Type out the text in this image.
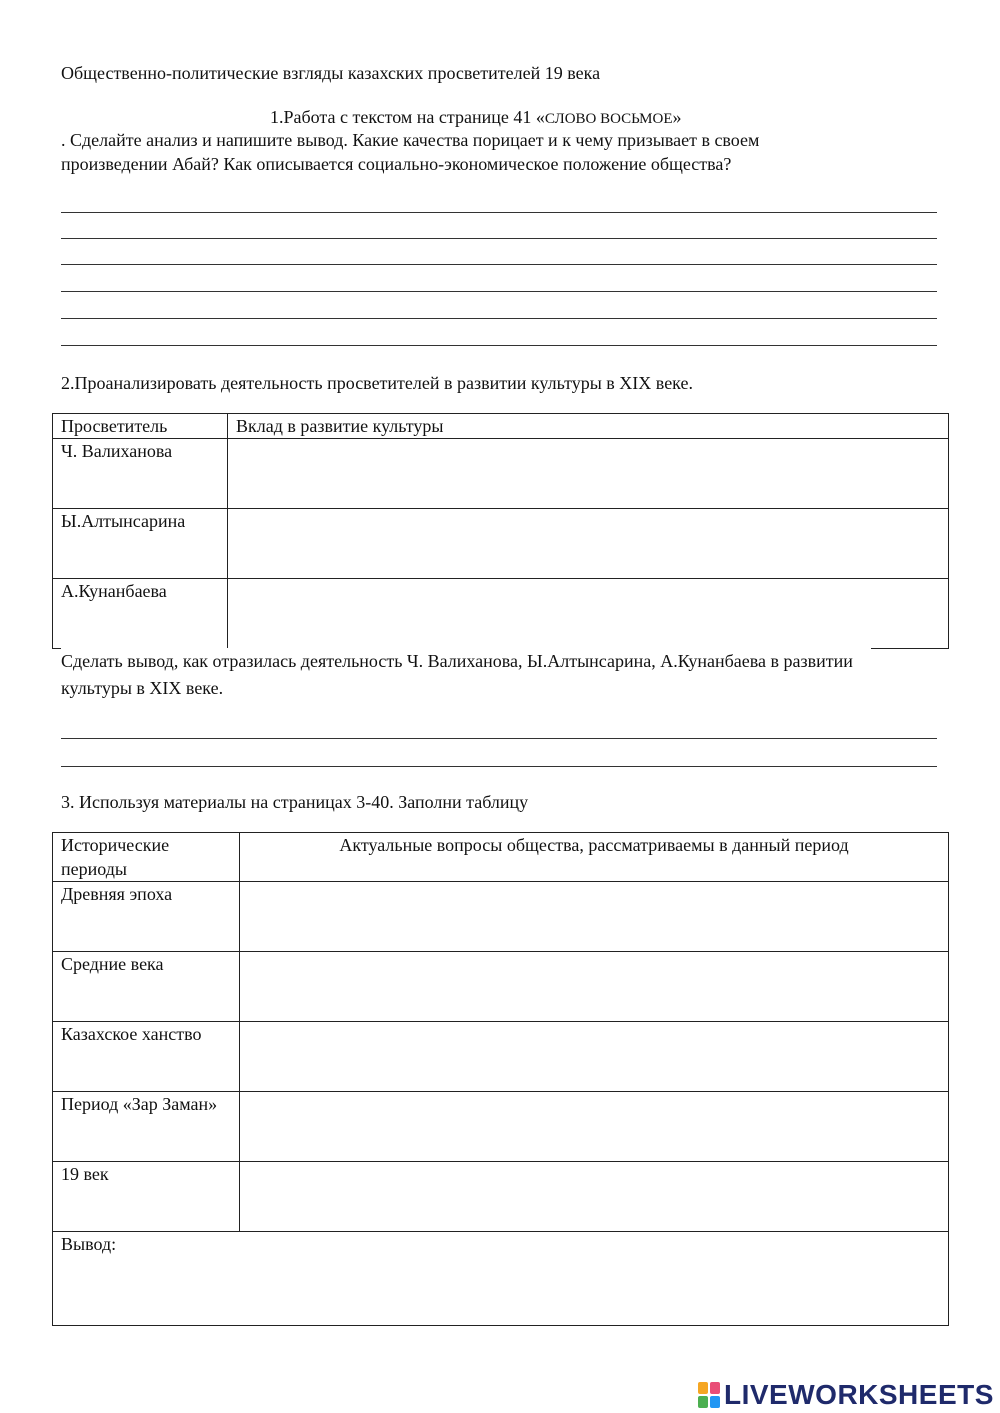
Общественно-политические взгляды казахских просветителей 19 века
1.Работа с текстом на странице 41 «СЛОВО ВОСЬМОЕ»
. Сделайте анализ и напишите вывод. Какие качества порицает и к чему призывает в своем произведении Абай? Как описывается социально-экономическое положение общества?
2.Проанализировать деятельность просветителей в развитии культуры в XIX веке.
Просветитель	Вклад в развитие культуры
Ч. Валиханова	

Ы.Алтынсарина	

А.Кунанбаева	
Сделать вывод, как отразилась деятельность Ч. Валиханова, Ы.Алтынсарина, А.Кунанбаева в развитии культуры в XIX веке.
3. Используя материалы на страницах 3-40. Заполни таблицу
Исторические периоды	Актуальные вопросы общества, рассматриваемы в данный период
Древняя эпоха	

Средние века	

Казахское ханство	

Период «Зар Заман»	

19 век	

Вывод:	
LIVEWORKSHEETS
